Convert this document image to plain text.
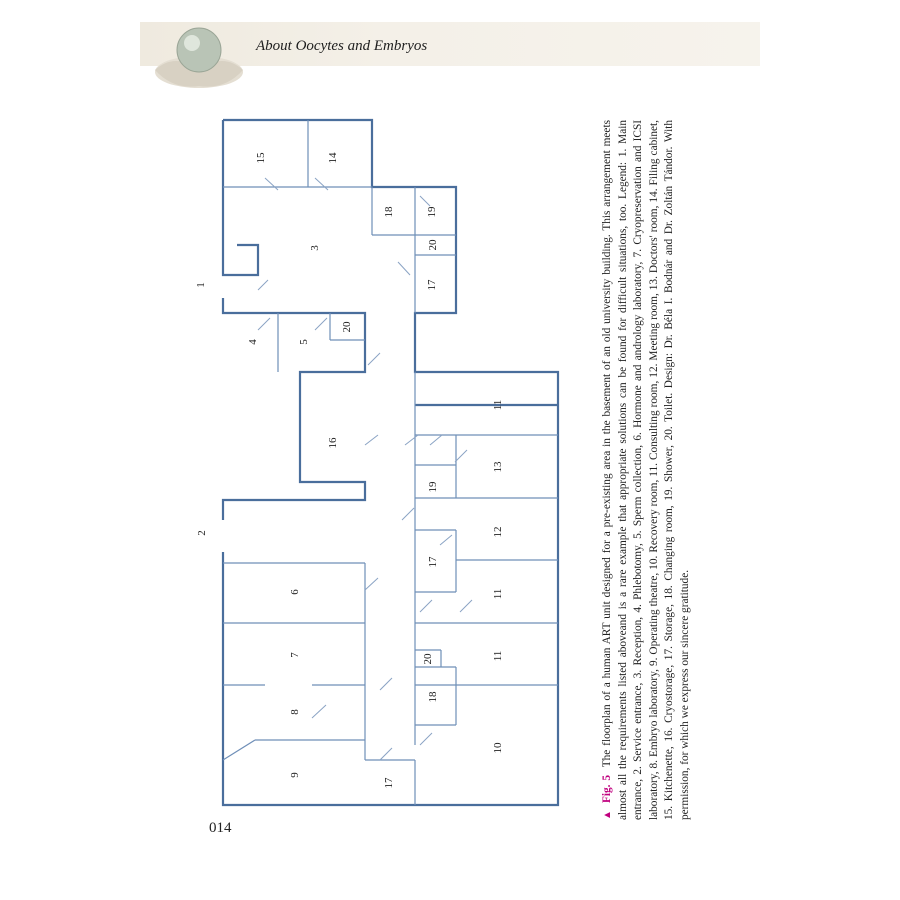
About Oocytes and Embryos
15	14
18	19
20
3
17
1
4	5
20
16
11
19
13
2
17
12
6	11
7	20	11
8
18
9
17
10
▲Fig. 5  The floorplan of a human ART unit designed for a pre-existing area in the basement of an old university building. This arrangement meets almost all the requirements listed aboveand is a rare example that appropriate solutions can be found for difficult situations, too. Legend: 1. Main entrance, 2. Service entrance, 3. Reception, 4. Phlebotomy, 5. Sperm collection, 6. Hormone and andrology laboratory, 7. Cryopreservation and ICSI laboratory, 8. Embryo laboratory, 9. Operating theatre, 10. Recovery room, 11. Consulting room, 12. Meeting room, 13. Doctors' room, 14. Filing cabinet, 15. Kitchenette, 16. Cryostorage, 17. Storage, 18. Changing room, 19. Shower, 20. Toilet. Design: Dr. Béla I. Bodnár and Dr. Zoltán Tándor. With permission, for which we express our sincere gratitude.
014
